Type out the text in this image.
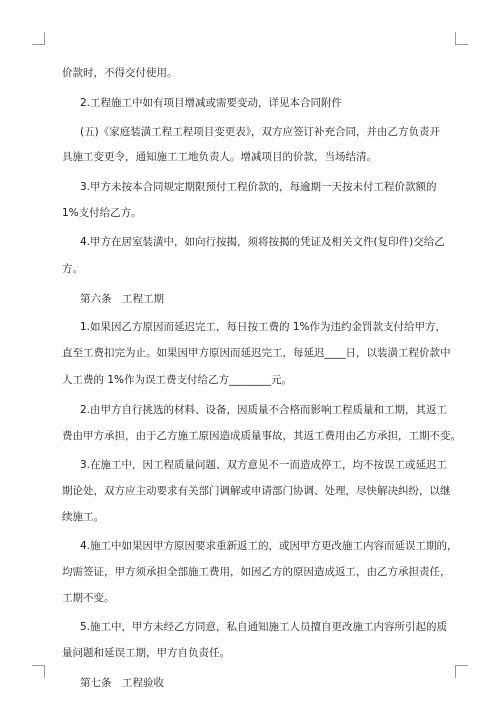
价款时，不得交付使用。
2.工程施工中如有项目增减或需要变动，详见本合同附件
(五)《家庭装潢工程工程项目变更表》，双方应签订补充合同，并由乙方负责开
具施工变更令，通知施工工地负责人。增减项目的价款，当场结清。
3.甲方未按本合同规定期限预付工程价款的，每逾期一天按未付工程价款额的
1%支付给乙方。
4.甲方在居室装潢中，如向行按揭，须将按揭的凭证及相关文件(复印件)交给乙
方。
第六条　工程工期
1.如果因乙方原因而延迟完工，每日按工费的 1%作为违约金罚款支付给甲方，
直至工费扣完为止。如果因甲方原因而延迟完工，每延迟____日，以装潢工程价款中
人工费的 1%作为误工费支付给乙方________元。
2.由甲方自行挑选的材料、设备，因质量不合格而影响工程质量和工期，其返工
费由甲方承担，由于乙方施工原因造成质量事故，其返工费用由乙方承担，工期不变。
3.在施工中，因工程质量问题、双方意见不一而造成停工，均不按误工或延迟工
期论处，双方应主动要求有关部门调解或申请部门协调、处理，尽快解决纠纷，以继
续施工。
4.施工中如果因甲方原因要求重新返工的，或因甲方更改施工内容而延误工期的，
均需签证，甲方须承担全部施工费用，如因乙方的原因造成返工，由乙方承担责任，
工期不变。
5.施工中，甲方未经乙方同意，私自通知施工人员擅自更改施工内容所引起的质
量问题和延误工期，甲方自负责任。
第七条　工程验收
